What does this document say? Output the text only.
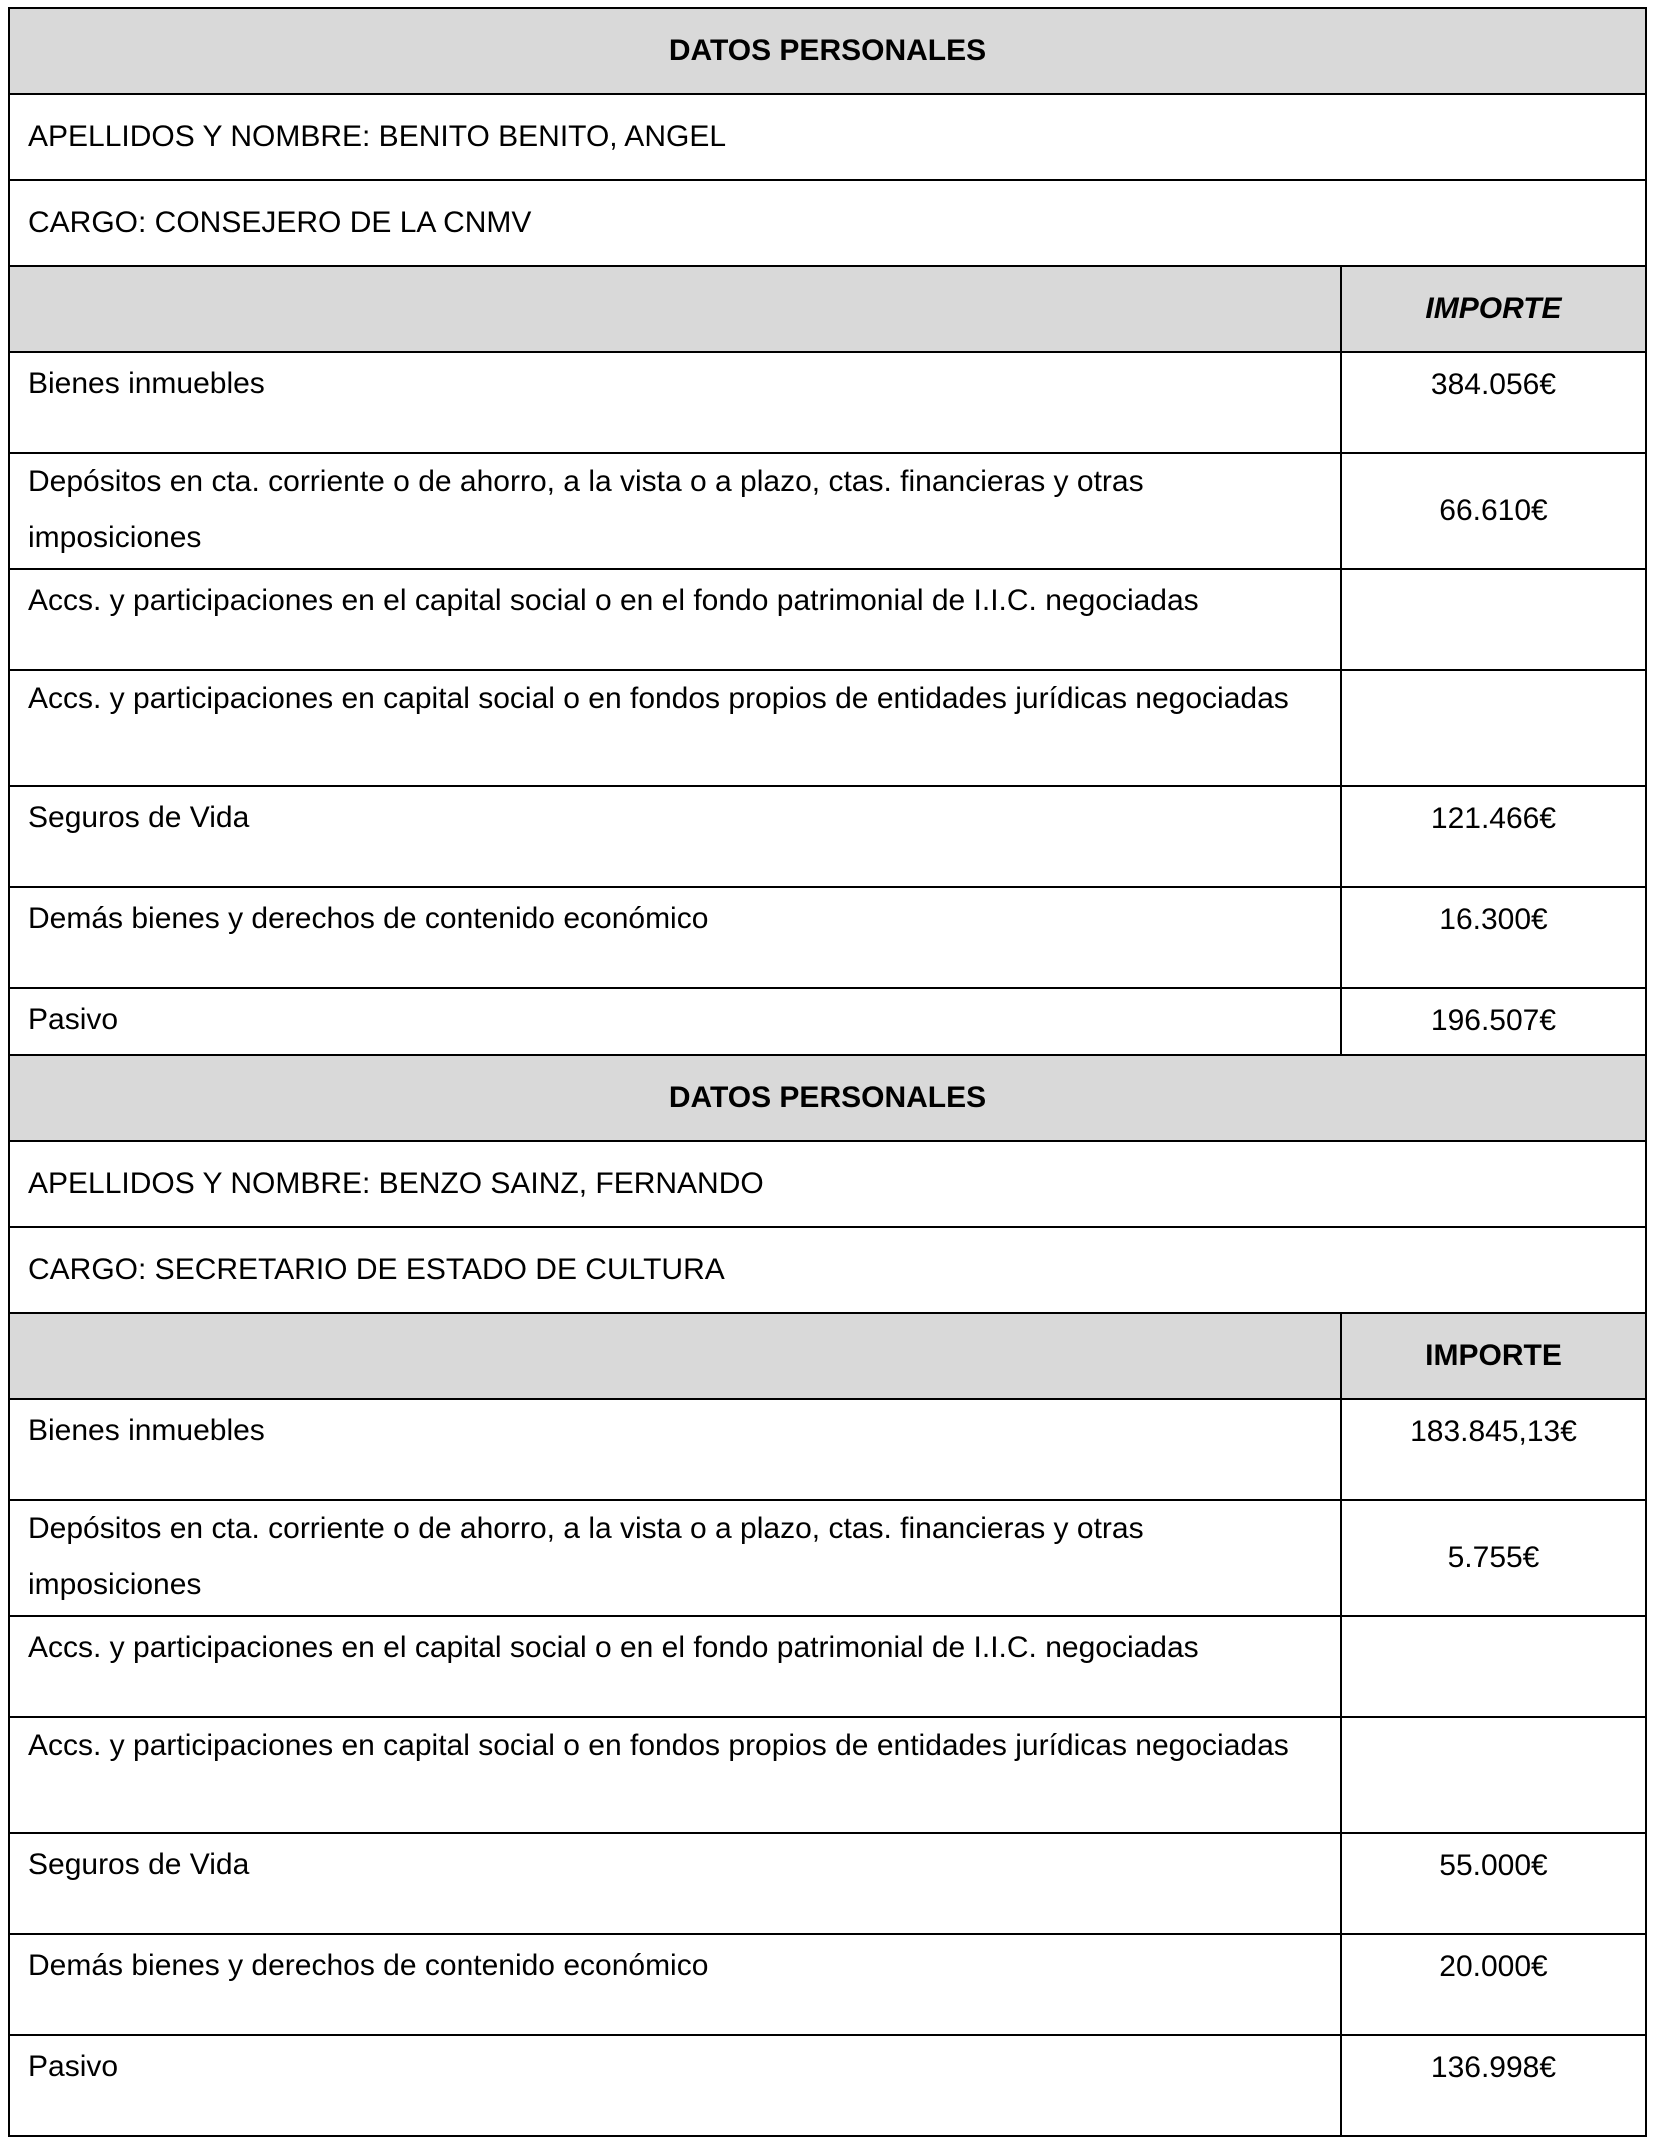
DATOS PERSONALES	
APELLIDOS Y NOMBRE: BENITO BENITO, ANGEL	
CARGO: CONSEJERO DE LA CNMV	
	IMPORTE
Bienes inmuebles	384.056€
Depósitos en cta. corriente o de ahorro, a la vista o a plazo, ctas. financieras y otras imposiciones	66.610€
Accs. y participaciones en el capital social o en el fondo patrimonial de I.I.C. negociadas	
Accs. y participaciones en capital social o en fondos propios de entidades jurídicas negociadas	
Seguros de Vida	121.466€
Demás bienes y derechos de contenido económico	16.300€
Pasivo	196.507€
DATOS PERSONALES	
APELLIDOS Y NOMBRE: BENZO SAINZ, FERNANDO	
CARGO: SECRETARIO DE ESTADO DE CULTURA	
	IMPORTE
Bienes inmuebles	183.845,13€
Depósitos en cta. corriente o de ahorro, a la vista o a plazo, ctas. financieras y otras imposiciones	5.755€
Accs. y participaciones en el capital social o en el fondo patrimonial de I.I.C. negociadas	
Accs. y participaciones en capital social o en fondos propios de entidades jurídicas negociadas	
Seguros de Vida	55.000€
Demás bienes y derechos de contenido económico	20.000€
Pasivo	136.998€
